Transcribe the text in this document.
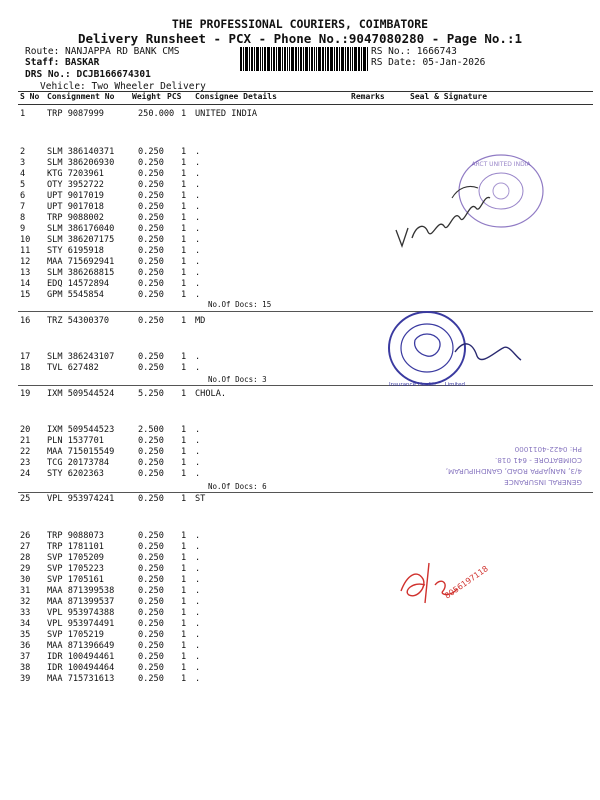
THE PROFESSIONAL COURIERS, COIMBATORE
Delivery Runsheet - PCX - Phone No.:9047080280 - Page No.:1
Route: NANJAPPA RD BANK CMS
Staff: BASKAR
DRS No.: DCJB166674301
Vehicle: Two Wheeler Delivery
RS No.: 1666743
RS Date: 05-Jan-2026
S No Consignment No Weight PCS Consignee Details	Remarks	Seal & Signature
1	TRP 9087999	250.000 1 UNITED INDIA
2	SLM 386140371	0.250 1 .
3	SLM 386206930	0.250 1 .
4	KTG 7203961	0.250 1 .
5	OTY 3952722	0.250 1 .
6	UPT 9017019	0.250 1 .
7	UPT 9017018	0.250 1 .
8	TRP 9088002	0.250 1 .
9	SLM 386176040	0.250 1 .
10 SLM 386207175	0.250 1 .
11 STY 6195918	0.250 1 .
12 MAA 715692941	0.250 1 .
13 SLM 386268815	0.250 1 .
14 EDQ 14572894	0.250 1 .
15 GPM 5545854	0.250 1 .
16 TRZ 54300370	0.250 1 MD
17 SLM 386243107	0.250 1 .
18 TVL 627482	0.250 1 .
19 IXM 509544524	5.250 1 CHOLA.
20 IXM 509544523	2.500 1 .
21 PLN 1537701	0.250 1 .
22 MAA 715015549	0.250 1 .
23 TCG 20173784	0.250 1 .
24 STY 6202363	0.250 1 .
25 VPL 953974241	0.250 1 ST
26 TRP 9088073	0.250 1 .
27 TRP 1781101	0.250 1 .
28 SVP 1705209	0.250 1 .
29 SVP 1705223	0.250 1 .
30 SVP 1705161	0.250 1 .
31 MAA 871399538	0.250 1 .
32 MAA 871399537	0.250 1 .
33 VPL 953974388	0.250 1 .
34 VPL 953974491	0.250 1 .
35 SVP 1705219	0.250 1 .
36 MAA 871396649	0.250 1 .
37 IDR 100494461	0.250 1 .
38 IDR 100494464	0.250 1 .
39 MAA 715731613	0.250 1 .
No.Of Docs: 15
No.Of Docs: 3
No.Of Docs: 6
ARCT UNITED INDIA
Insurance Health ... Limited
GENERAL INSURANCE
4/3, NANJAPPA ROAD, GANDHIPURAM,
COIMBATORE - 641 018.
PH: 0422-4011000
8056197118
